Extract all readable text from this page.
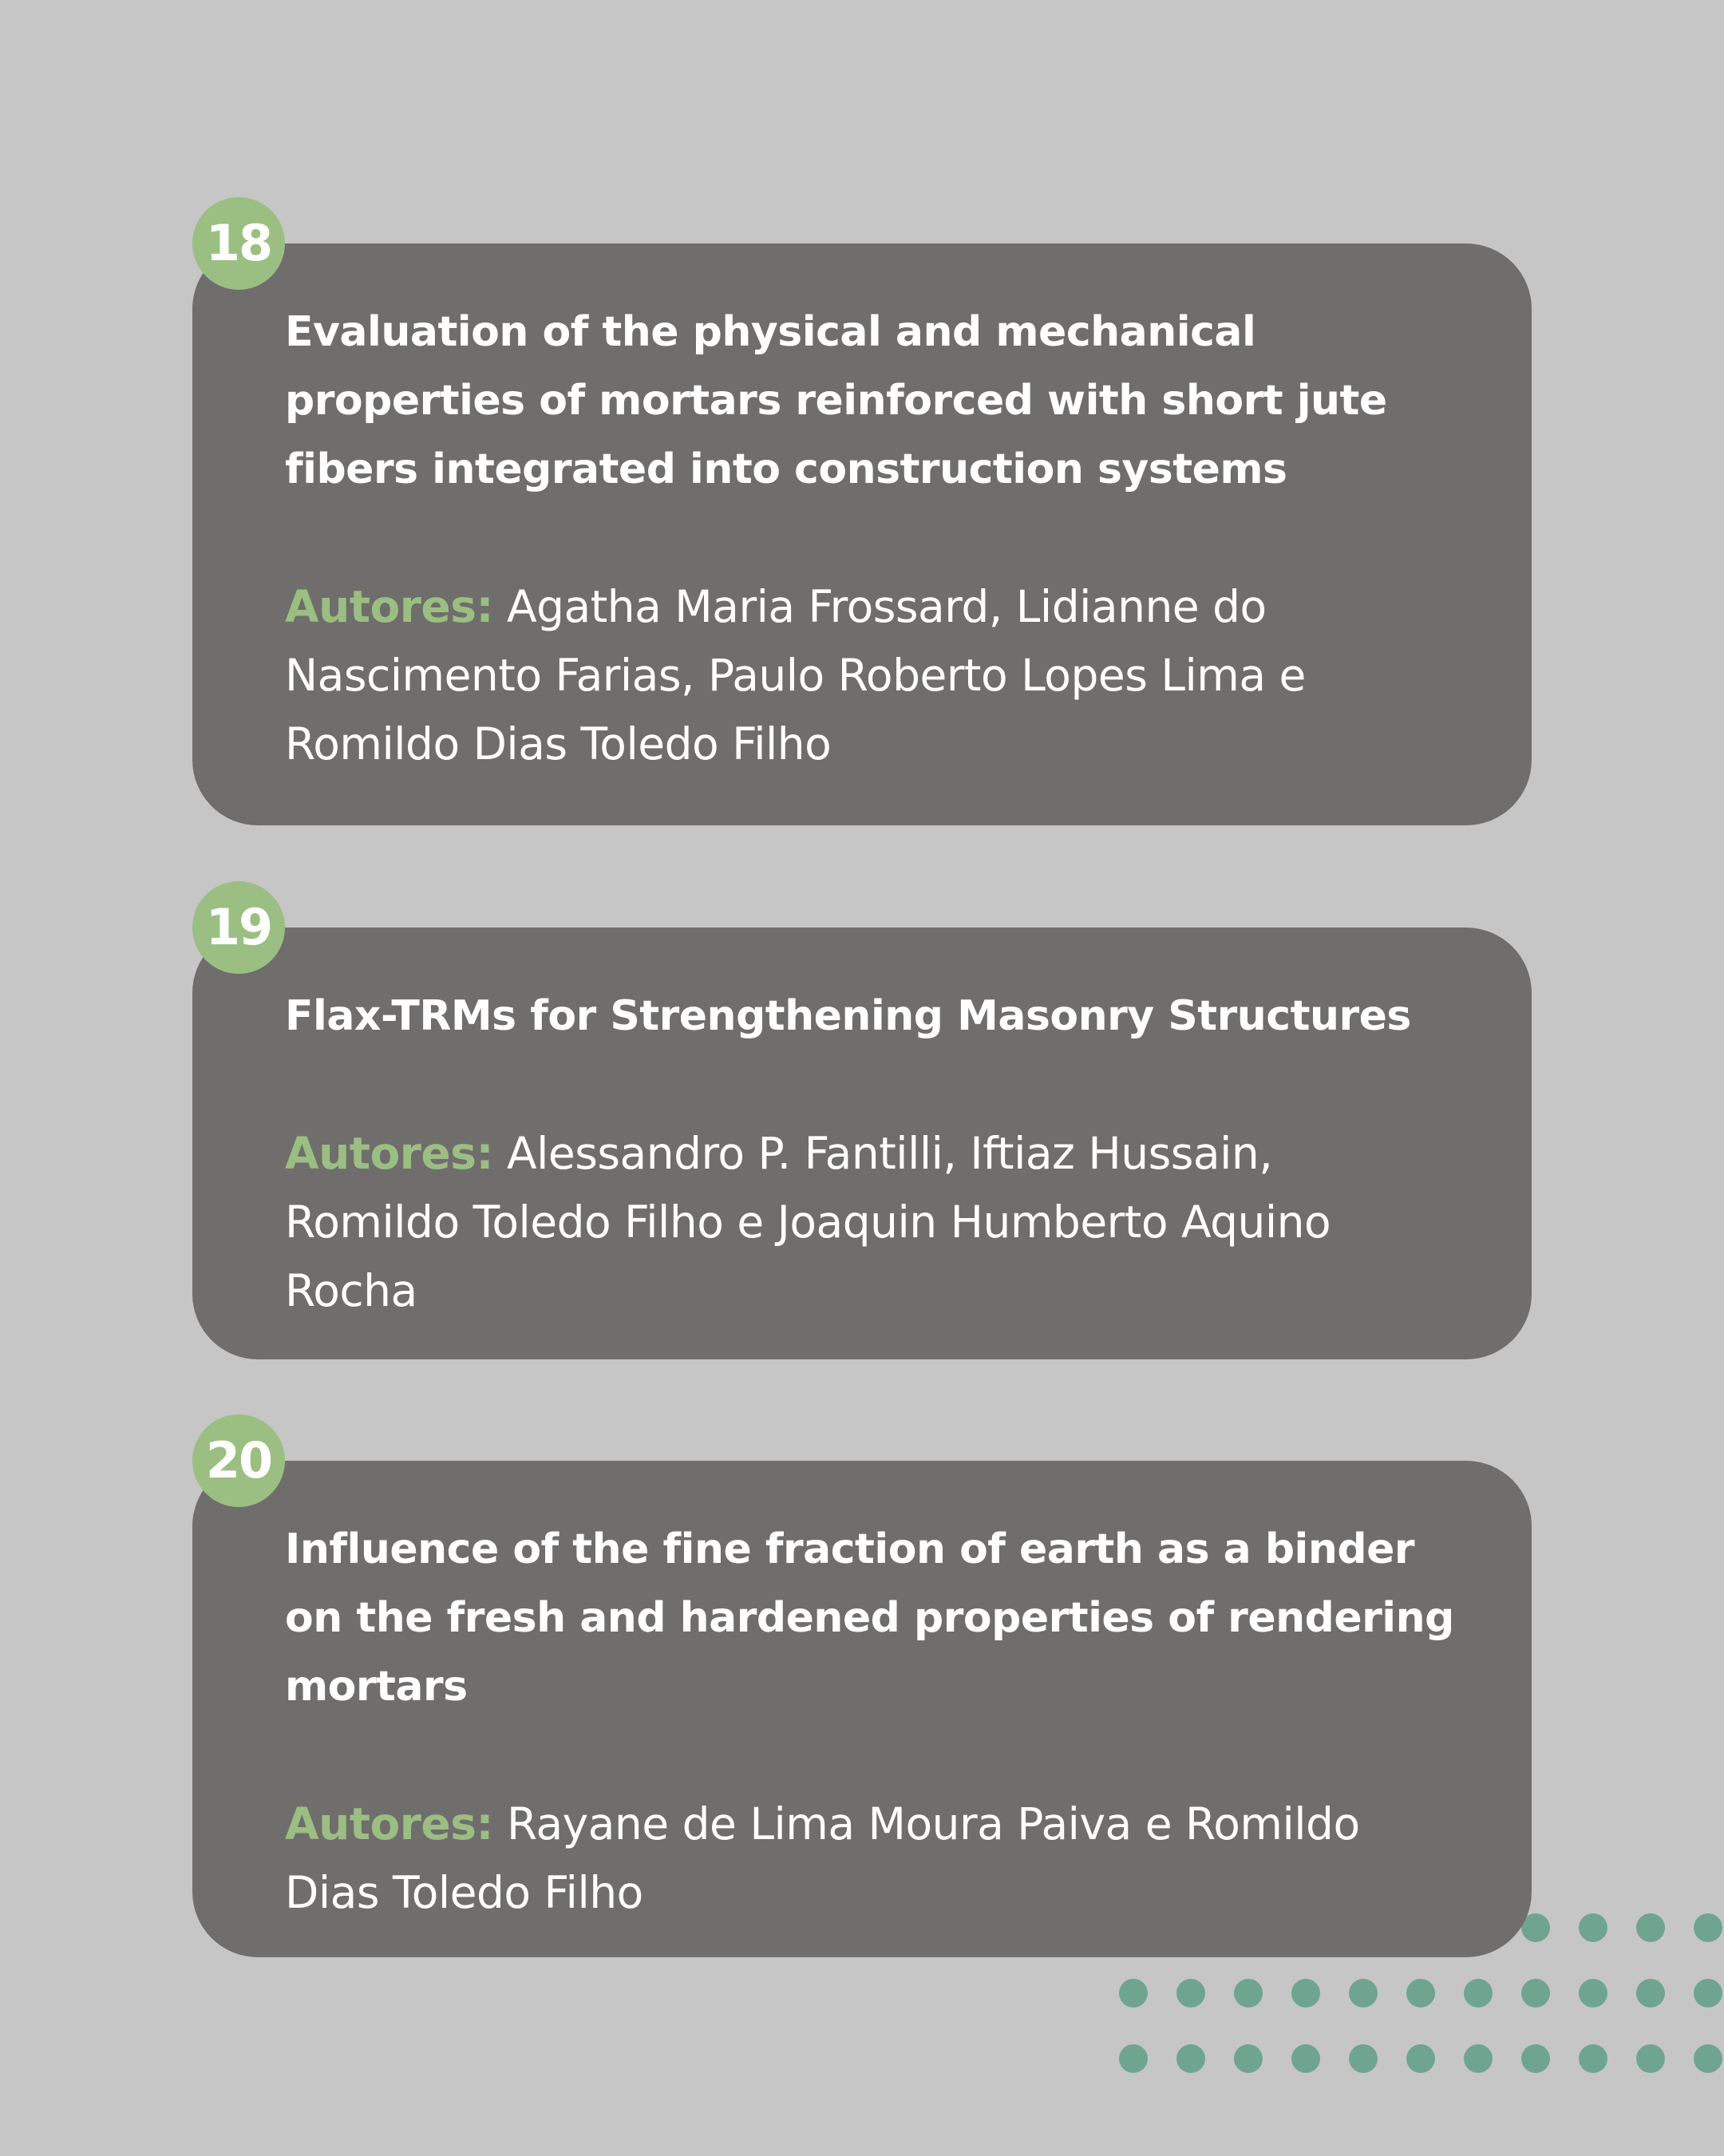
Evaluation of the physical and mechanical properties of mortars reinforced with short jute fibers integrated into construction systems

Autores: Agatha Maria Frossard, Lidianne do Nascimento Farias, Paulo Roberto Lopes Lima e Romildo Dias Toledo Filho

18

Flax-TRMs for Strengthening Masonry Structures

Autores: Alessandro P. Fantilli, Iftiaz Hussain, Romildo Toledo Filho e Joaquin Humberto Aquino Rocha

19

Influence of the fine fraction of earth as a binder on the fresh and hardened properties of rendering mortars

Autores: Rayane de Lima Moura Paiva e Romildo Dias Toledo Filho

20
